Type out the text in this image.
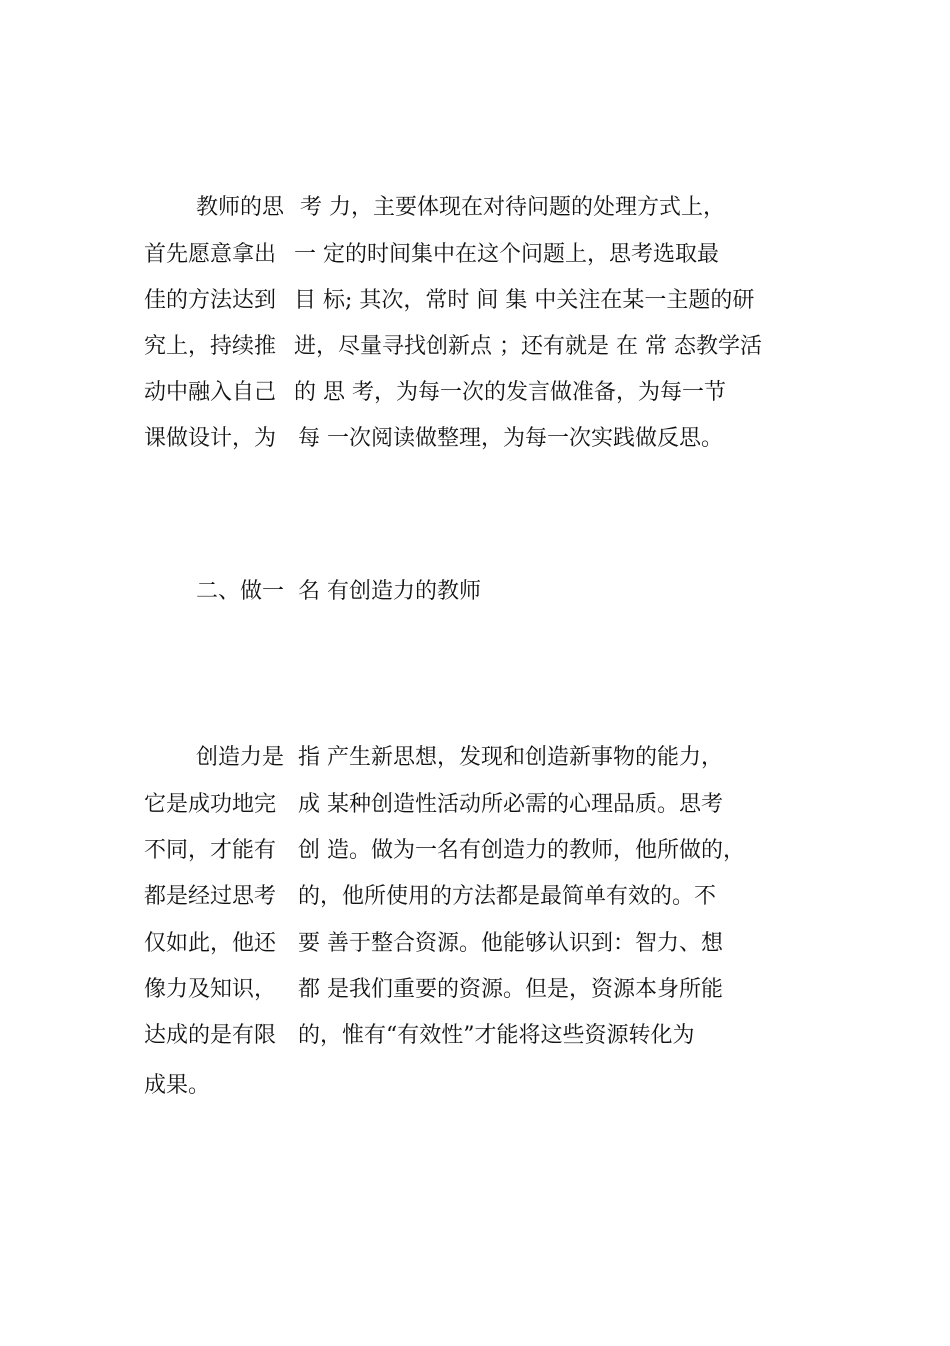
教师的思 考 力，主要体现在对待问题的处理方式上，
首先愿意拿出 一 定的时间集中在这个问题上，思考选取最
佳的方法达到 目 标; 其次，常时 间 集 中关注在某一主题的研
究上，持续推 进，尽量寻找创新点 ；还有就是 在 常 态教学活
动中融入自己 的 思 考，为每一次的发言做准备，为每一节
课做设计，为 每 一次阅读做整理，为每一次实践做反思。
二、做一 名 有创造力的教师
创造力是 指 产生新思想，发现和创造新事物的能力，
它是成功地完 成 某种创造性活动所必需的心理品质。思考
不同，才能有 创 造。做为一名有创造力的教师，他所做的，
都是经过思考 的，他所使用的方法都是最简单有效的。不
仅如此，他还 要 善于整合资源。他能够认识到：智力、想
像力及知识， 都 是我们重要的资源。但是，资源本身所能
达成的是有限 的，惟有“有效性”才能将这些资源转化为
成果。
